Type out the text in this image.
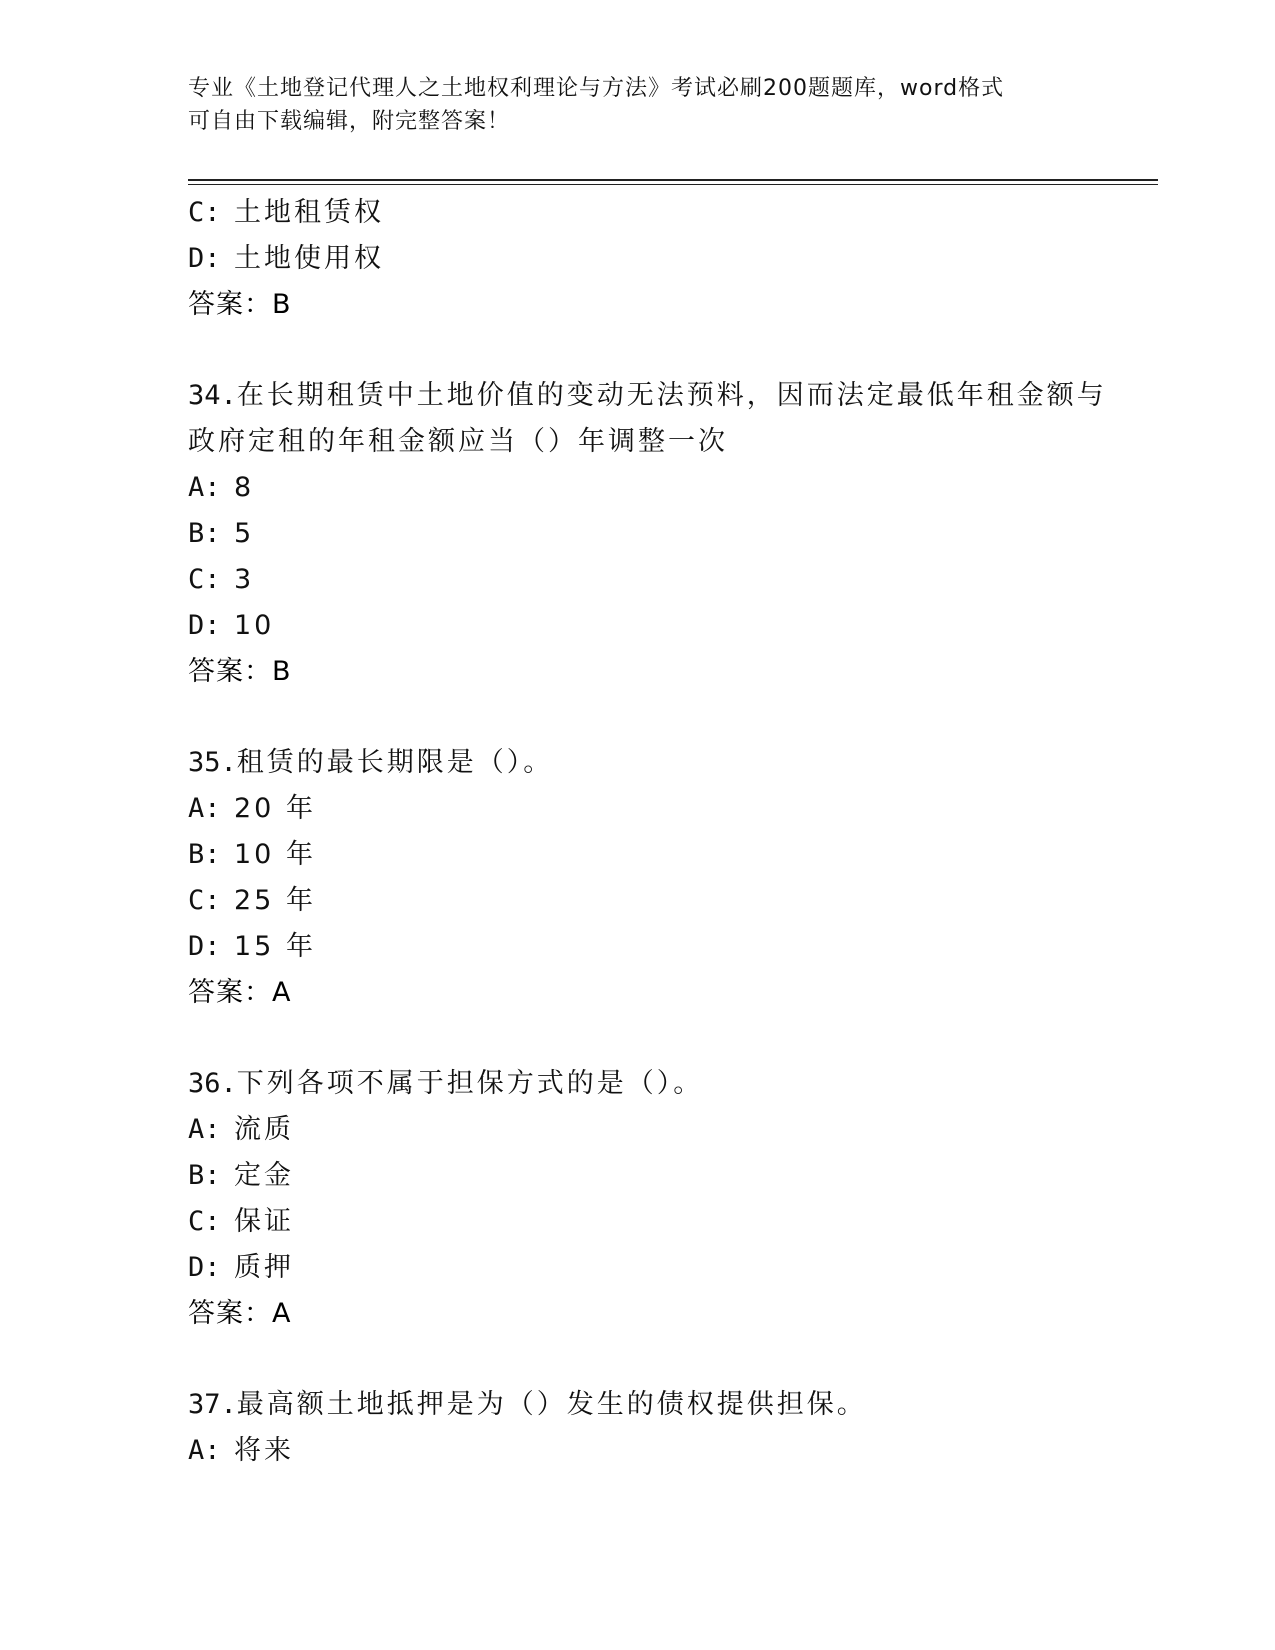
专业《土地登记代理人之土地权利理论与方法》考试必刷200题题库，word格式
可自由下载编辑，附完整答案！
C: 土地租赁权
D: 土地使用权
答案：B
34.在长期租赁中土地价值的变动无法预料，因而法定最低年租金额与
政府定租的年租金额应当（）年调整一次
A: 8
B: 5
C: 3
D: 10
答案：B
35.租赁的最长期限是（）。
A: 20 年
B: 10 年
C: 25 年
D: 15 年
答案：A
36.下列各项不属于担保方式的是（）。
A: 流质
B: 定金
C: 保证
D: 质押
答案：A
37.最高额土地抵押是为（）发生的债权提供担保。
A: 将来
